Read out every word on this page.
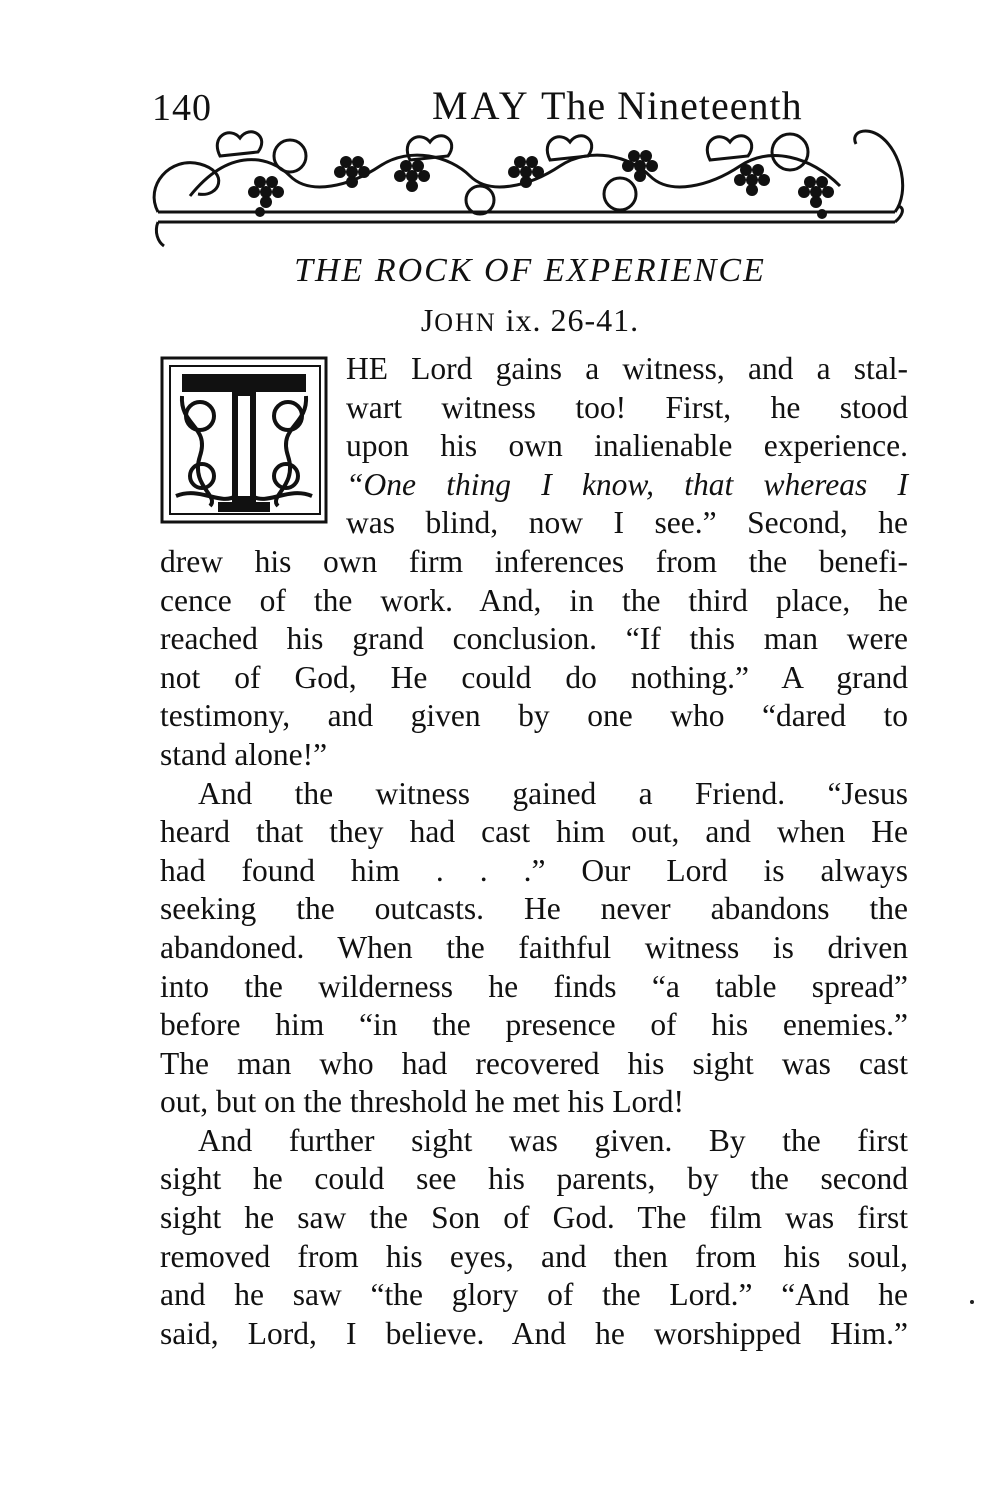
140	MAY The Nineteenth
THE ROCK OF EXPERIENCE
JOHN ix. 26-41.
HE Lord gains a witness, and a stal-
wart witness too! First, he stood
upon his own inalienable experience.
“One thing I know, that whereas I
was blind, now I see.” Second, he
drew his own firm inferences from the benefi-
cence of the work. And, in the third place, he
reached his grand conclusion. “If this man were
not of God, He could do nothing.” A grand
testimony, and given by one who “dared to
stand alone!”
And the witness gained a Friend. “Jesus
heard that they had cast him out, and when He
had found him . . .” Our Lord is always
seeking the outcasts. He never abandons the
abandoned. When the faithful witness is driven
into the wilderness he finds “a table spread”
before him “in the presence of his enemies.”
The man who had recovered his sight was cast
out, but on the threshold he met his Lord!
And further sight was given. By the first
sight he could see his parents, by the second
sight he saw the Son of God. The film was first
removed from his eyes, and then from his soul,
and he saw “the glory of the Lord.” “And he
said, Lord, I believe. And he worshipped Him.”
